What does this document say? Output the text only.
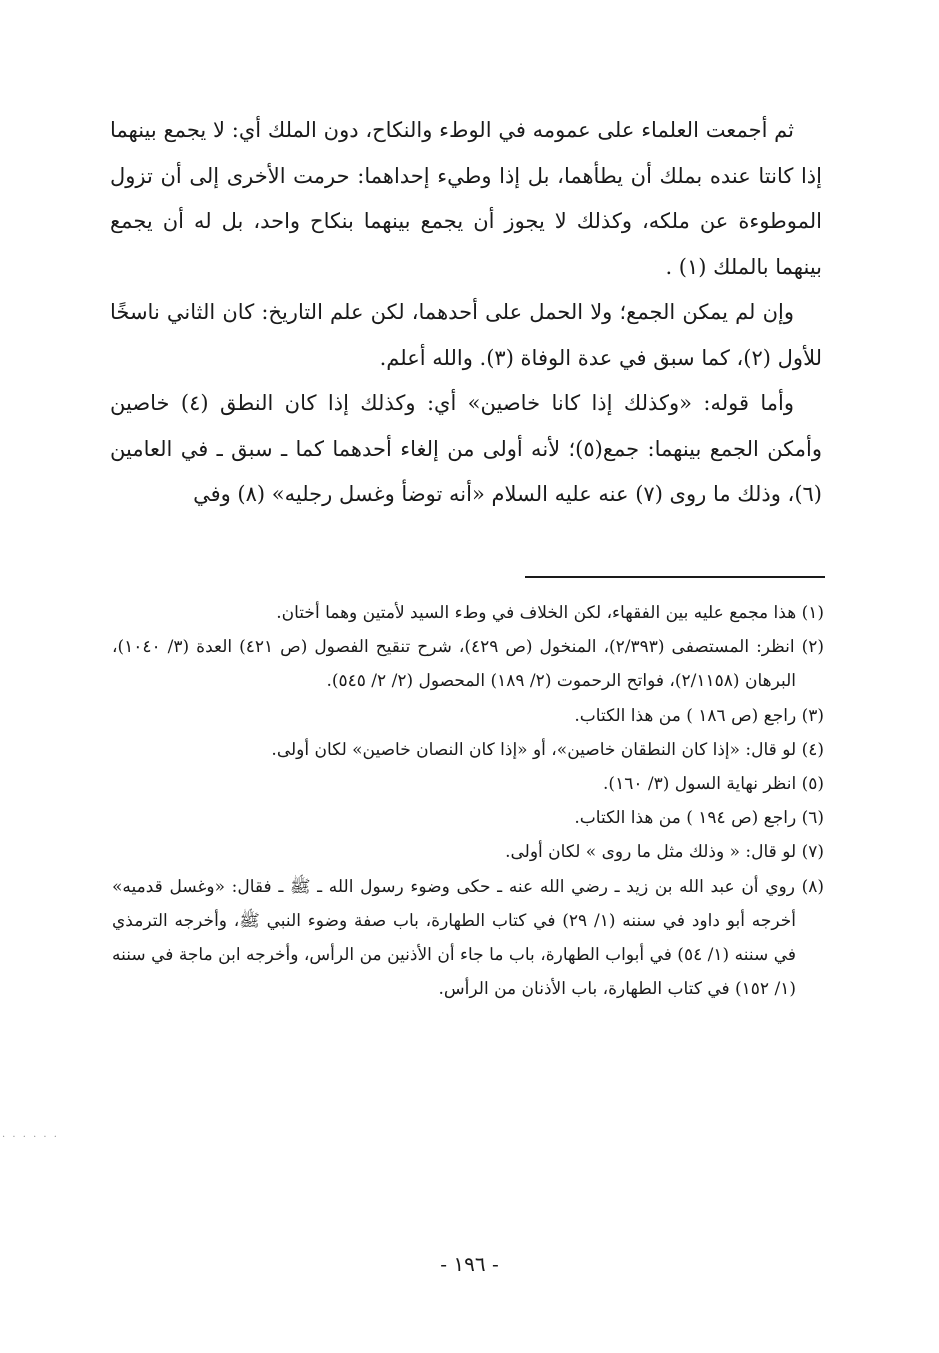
ثم أجمعت العلماء على عمومه في الوطء والنكاح، دون الملك أي: لا يجمع بينهما إذا كانتا عنده بملك أن يطأهما، بل إذا وطيء إحداهما: حرمت الأخرى إلى أن تزول الموطوءة عن ملكه، وكذلك لا يجوز أن يجمع بينهما بنكاح واحد، بل له أن يجمع بينهما بالملك (١) .

وإن لم يمكن الجمع؛ ولا الحمل على أحدهما، لكن علم التاريخ: كان الثاني ناسخًا للأول (٢)، كما سبق في عدة الوفاة (٣). والله أعلم.

وأما قوله: «وكذلك إذا كانا خاصين» أي: وكذلك إذا كان النطق (٤) خاصين وأمكن الجمع بينهما: جمع(٥)؛ لأنه أولى من إلغاء أحدهما كما ـ سبق ـ في العامين (٦)، وذلك ما روى (٧) عنه عليه السلام «أنه توضأ وغسل رجليه» (٨) وفي

(١) هذا مجمع عليه بين الفقهاء، لكن الخلاف في وطء السيد لأمتين وهما أختان.

(٢) انظر: المستصفى (٢/٣٩٣)، المنخول (ص ٤٢٩)، شرح تنقيح الفصول (ص ٤٢١) العدة (٣/ ١٠٤٠)، البرهان (٢/١١٥٨)، فواتح الرحموت (٢/ ١٨٩) المحصول (٢/ ٢/ ٥٤٥).

(٣) راجع (ص ١٨٦ ) من هذا الكتاب.

(٤) لو قال: «إذا كان النطقان خاصين»، أو «إذا كان النصان خاصين» لكان أولى.

(٥) انظر نهاية السول (٣/ ١٦٠).

(٦) راجع (ص ١٩٤ ) من هذا الكتاب.

(٧) لو قال: « وذلك مثل ما روى » لكان أولى.

(٨) روي أن عبد الله بن زيد ـ رضي الله عنه ـ حكى وضوء رسول الله ـ ﷺ ـ فقال: «وغسل قدميه» أخرجه أبو داود في سننه (١/ ٢٩) في كتاب الطهارة، باب صفة وضوء النبي ﷺ، وأخرجه الترمذي في سننه (١/ ٥٤) في أبواب الطهارة، باب ما جاء أن الأذنين من الرأس، وأخرجه ابن ماجة في سننه (١/ ١٥٢) في كتاب الطهارة، باب الأذنان من الرأس.

- ١٩٦ -
· · · · · ·
